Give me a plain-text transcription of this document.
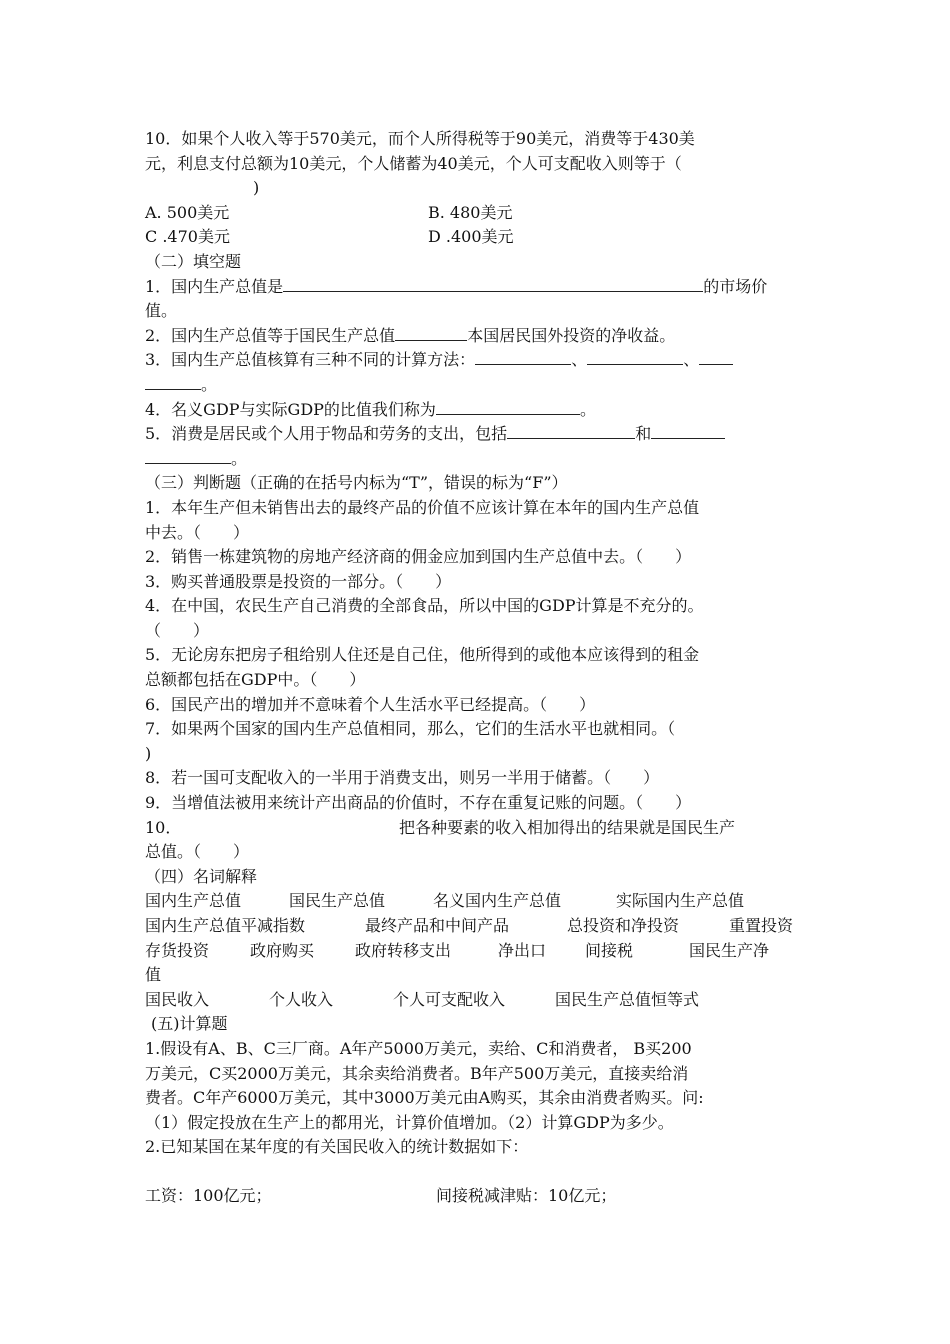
10．如果个人收入等于570美元，而个人所得税等于90美元，消费等于430美
元，利息支付总额为10美元，个人储蓄为40美元，个人可支配收入则等于（
)
A. 500美元	B. 480美元
C .470美元	D .400美元
（二）填空题
1．国内生产总值是	的市场价
值。
2．国内生产总值等于国民生产总值	本国居民国外投资的净收益。
3．国内生产总值核算有三种不同的计算方法：	、	、
。
4．名义GDP与实际GDP的比值我们称为	。
5．消费是居民或个人用于物品和劳务的支出，包括	和
。
（三）判断题（正确的在括号内标为“T”，错误的标为“F”）
1．本年生产但未销售出去的最终产品的价值不应该计算在本年的国内生产总值
中去。（　　）
2．销售一栋建筑物的房地产经济商的佣金应加到国内生产总值中去。（　　）
3．购买普通股票是投资的一部分。（　　）
4．在中国，农民生产自己消费的全部食品，所以中国的GDP计算是不充分的。
（　　）
5．无论房东把房子租给别人住还是自己住，他所得到的或他本应该得到的租金
总额都包括在GDP中。（　　）
6．国民产出的增加并不意味着个人生活水平已经提高。（　　）
7．如果两个国家的国内生产总值相同，那么，它们的生活水平也就相同。（
)
8．若一国可支配收入的一半用于消费支出，则另一半用于储蓄。（　　）
9．当增值法被用来统计产出商品的价值时，不存在重复记账的问题。（　　）
10．	把各种要素的收入相加得出的结果就是国民生产
总值。（　　）
（四）名词解释
国内生产总值	国民生产总值	名义国内生产总值	实际国内生产总值
国内生产总值平减指数	最终产品和中间产品	总投资和净投资	重置投资
存货投资	政府购买	政府转移支出	净出口	间接税	国民生产净
值
国民收入	个人收入	个人可支配收入	国民生产总值恒等式
(五)计算题
1.假设有A、B、C三厂商。A年产5000万美元，卖给、C和消费者， B买200
万美元，C买2000万美元，其余卖给消费者。B年产500万美元，直接卖给消
费者。C年产6000万美元，其中3000万美元由A购买，其余由消费者购买。问:
（1）假定投放在生产上的都用光，计算价值增加。（2）计算GDP为多少。
2.已知某国在某年度的有关国民收入的统计数据如下：
工资：100亿元；	间接税减津贴：10亿元；
